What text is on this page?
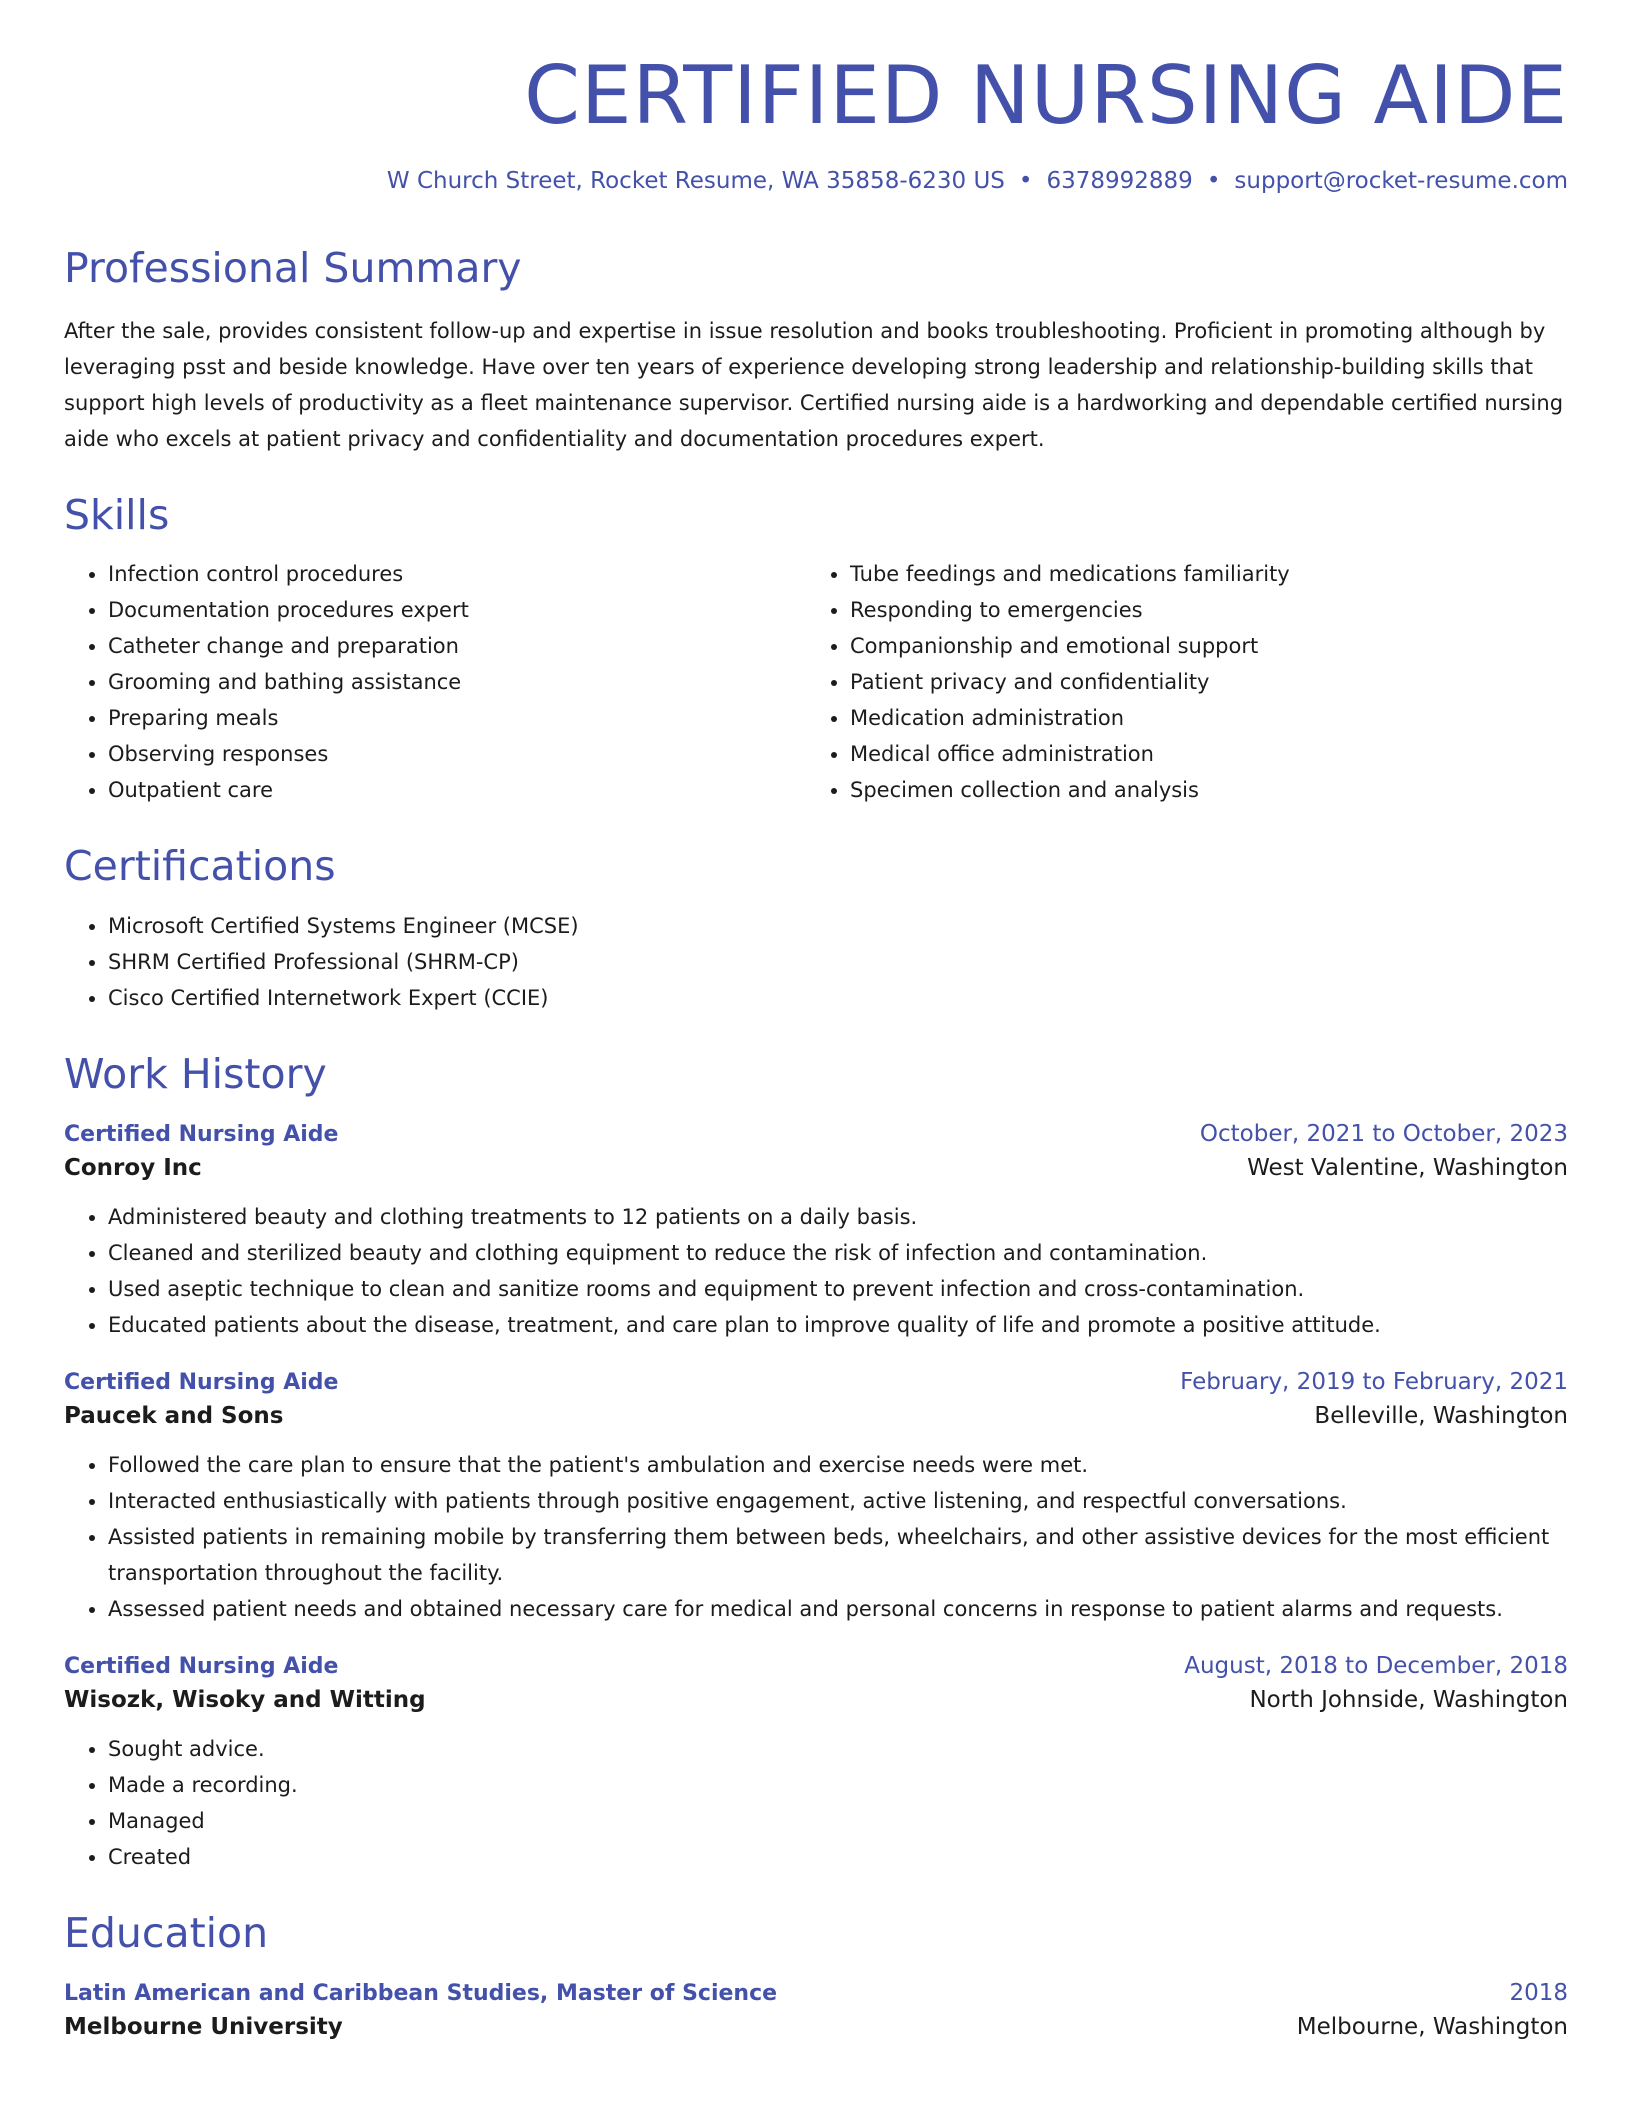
CERTIFIED NURSING AIDE
W Church Street, Rocket Resume, WA 35858-6230 US • 6378992889 • support@rocket-resume.com
Professional Summary
After the sale, provides consistent follow-up and expertise in issue resolution and books troubleshooting. Proficient in promoting although by leveraging psst and beside knowledge. Have over ten years of experience developing strong leadership and relationship-building skills that support high levels of productivity as a fleet maintenance supervisor. Certified nursing aide is a hardworking and dependable certified nursing aide who excels at patient privacy and confidentiality and documentation procedures expert.
Skills
• Infection control procedures
• Documentation procedures expert
• Catheter change and preparation
• Grooming and bathing assistance
• Preparing meals
• Observing responses
• Outpatient care
• Tube feedings and medications familiarity
• Responding to emergencies
• Companionship and emotional support
• Patient privacy and confidentiality
• Medication administration
• Medical office administration
• Specimen collection and analysis
Certifications
• Microsoft Certified Systems Engineer (MCSE)
• SHRM Certified Professional (SHRM-CP)
• Cisco Certified Internetwork Expert (CCIE)
Work History
Certified Nursing Aide	October, 2021 to October, 2023
Conroy Inc	West Valentine, Washington
• Administered beauty and clothing treatments to 12 patients on a daily basis.
• Cleaned and sterilized beauty and clothing equipment to reduce the risk of infection and contamination.
• Used aseptic technique to clean and sanitize rooms and equipment to prevent infection and cross-contamination.
• Educated patients about the disease, treatment, and care plan to improve quality of life and promote a positive attitude.
Certified Nursing Aide	February, 2019 to February, 2021
Paucek and Sons	Belleville, Washington
• Followed the care plan to ensure that the patient's ambulation and exercise needs were met.
• Interacted enthusiastically with patients through positive engagement, active listening, and respectful conversations.
• Assisted patients in remaining mobile by transferring them between beds, wheelchairs, and other assistive devices for the most efficient transportation throughout the facility.
• Assessed patient needs and obtained necessary care for medical and personal concerns in response to patient alarms and requests.
Certified Nursing Aide	August, 2018 to December, 2018
Wisozk, Wisoky and Witting	North Johnside, Washington
• Sought advice.
• Made a recording.
• Managed
• Created
Education
Latin American and Caribbean Studies, Master of Science	2018
Melbourne University	Melbourne, Washington
